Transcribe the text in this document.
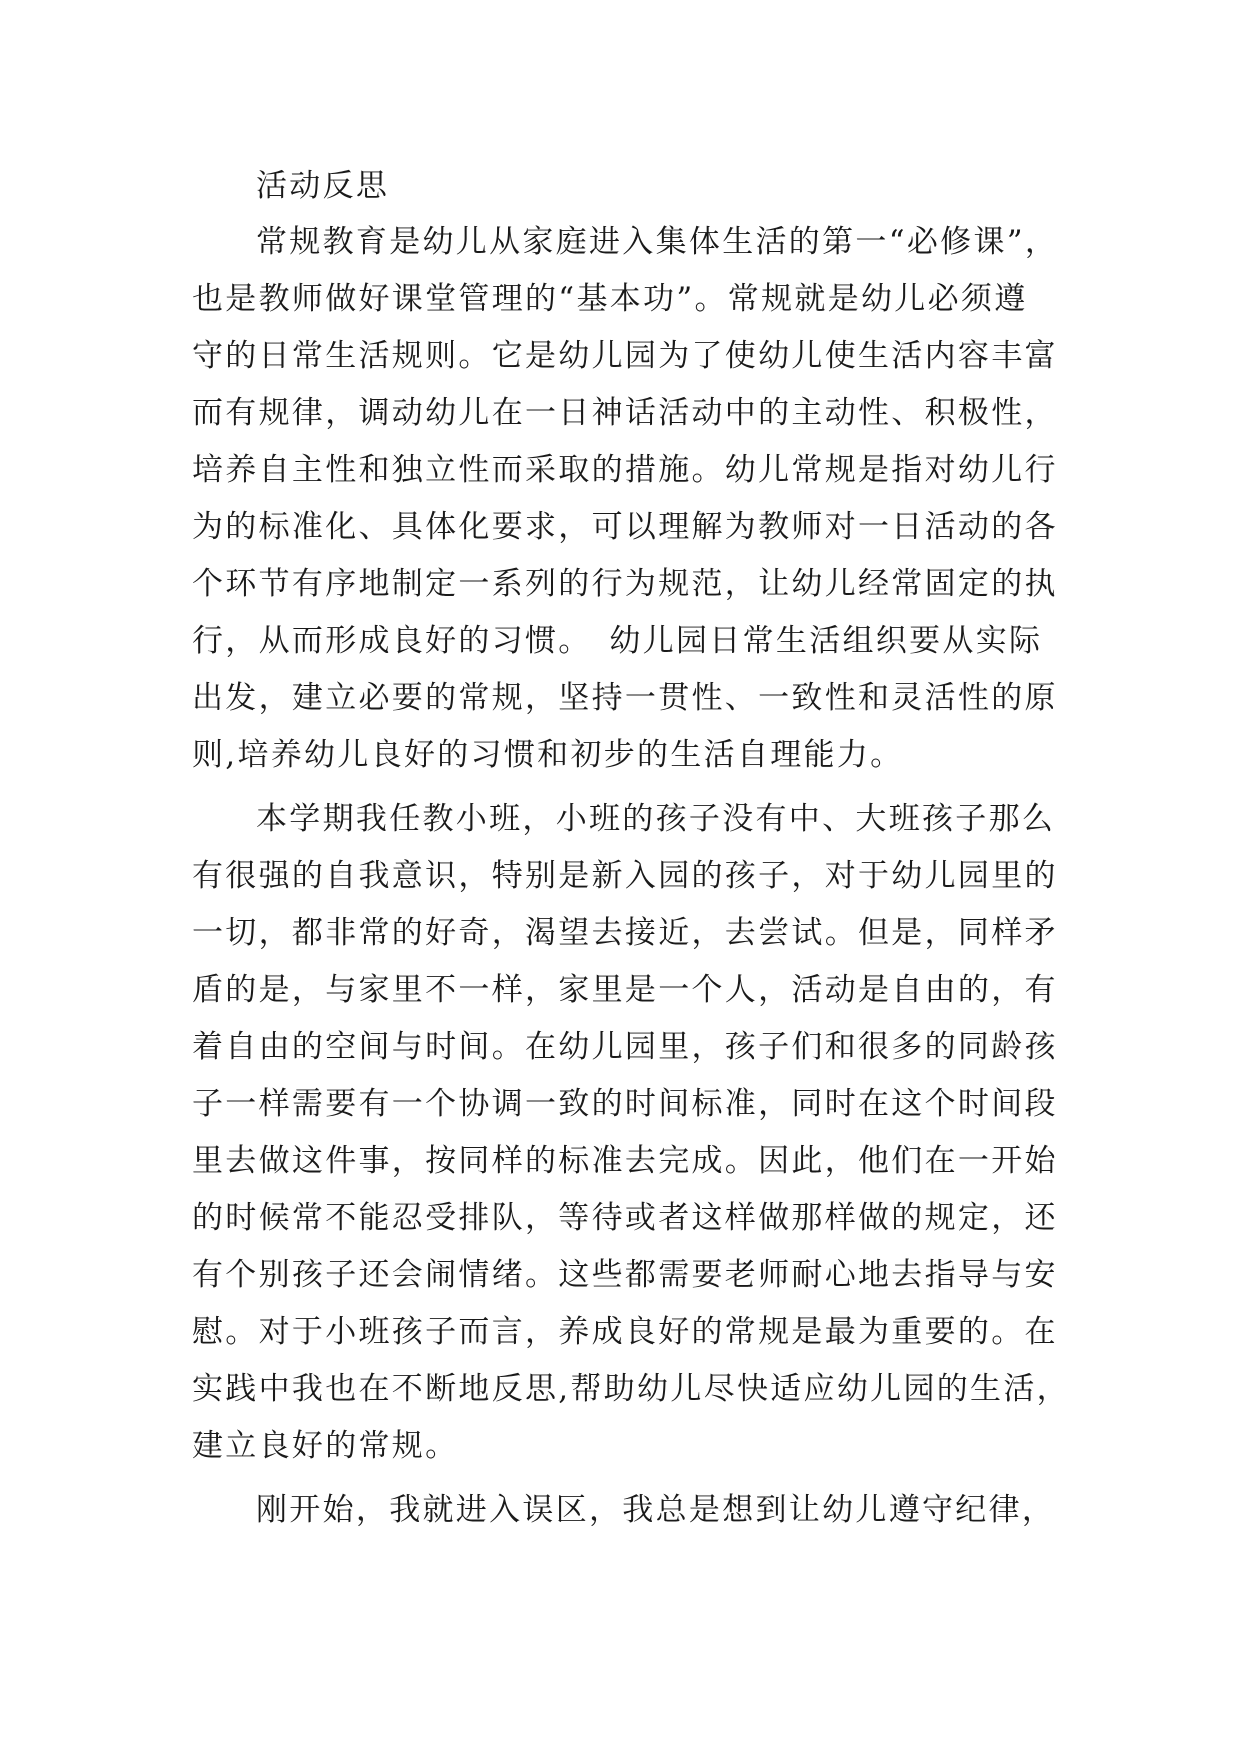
活动反思
常规教育是幼儿从家庭进入集体生活的第一“必修课”，
也是教师做好课堂管理的“基本功”。常规就是幼儿必须遵
守的日常生活规则。它是幼儿园为了使幼儿使生活内容丰富
而有规律，调动幼儿在一日神话活动中的主动性、积极性，
培养自主性和独立性而采取的措施。幼儿常规是指对幼儿行
为的标准化、具体化要求，可以理解为教师对一日活动的各
个环节有序地制定一系列的行为规范，让幼儿经常固定的执
行，从而形成良好的习惯。　幼儿园日常生活组织要从实际
出发，建立必要的常规，坚持一贯性、一致性和灵活性的原
则,培养幼儿良好的习惯和初步的生活自理能力。
本学期我任教小班，小班的孩子没有中、大班孩子那么
有很强的自我意识，特别是新入园的孩子，对于幼儿园里的
一切，都非常的好奇，渴望去接近，去尝试。但是，同样矛
盾的是，与家里不一样，家里是一个人，活动是自由的，有
着自由的空间与时间。在幼儿园里，孩子们和很多的同龄孩
子一样需要有一个协调一致的时间标准，同时在这个时间段
里去做这件事，按同样的标准去完成。因此，他们在一开始
的时候常不能忍受排队，等待或者这样做那样做的规定，还
有个别孩子还会闹情绪。这些都需要老师耐心地去指导与安
慰。对于小班孩子而言，养成良好的常规是最为重要的。在
实践中我也在不断地反思,帮助幼儿尽快适应幼儿园的生活，
建立良好的常规。
刚开始，我就进入误区，我总是想到让幼儿遵守纪律，
